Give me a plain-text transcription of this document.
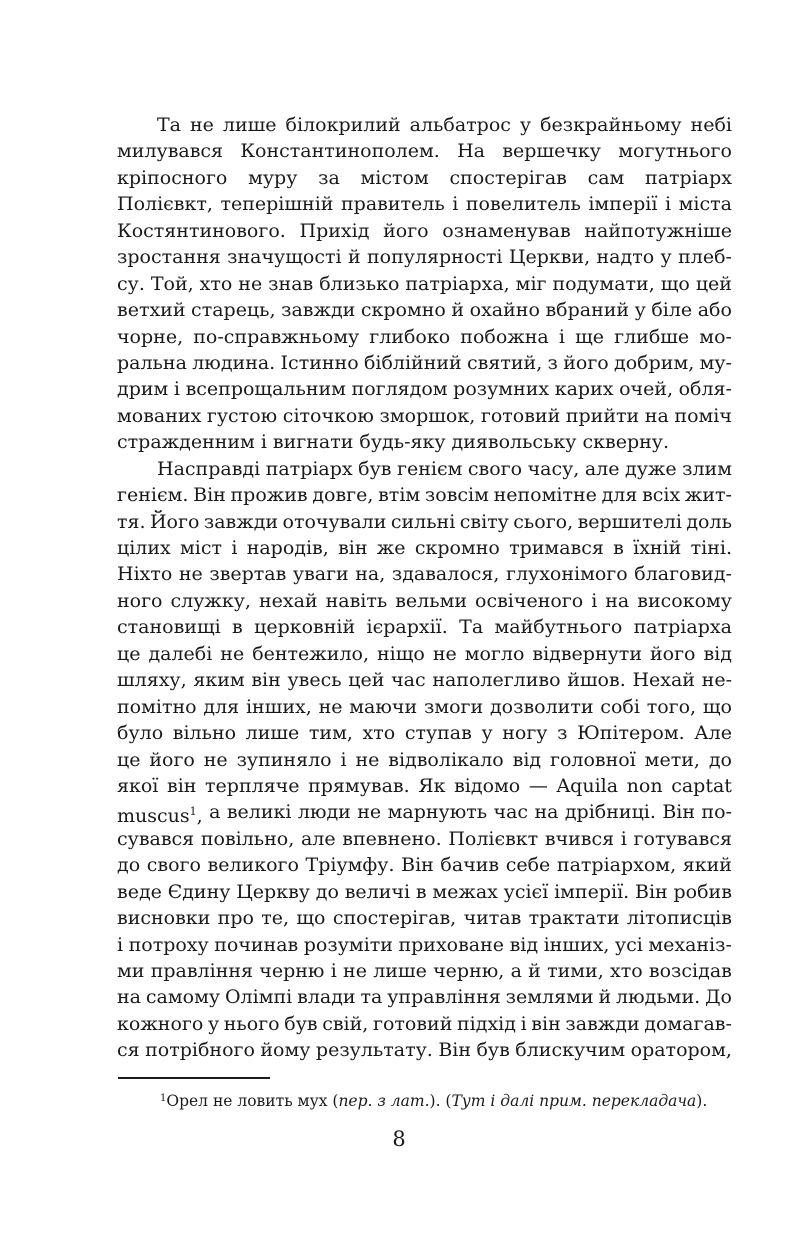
Та не лише білокрилий альбатрос у безкрайньому небі
милувався Константинополем. На вершечку могутнього
кріпосного муру за містом спостерігав сам патріарх
Полієвкт, теперішній правитель і повелитель імперії і міста
Костянтинового. Прихід його ознаменував найпотужніше
зростання значущості й популярності Церкви, надто у плеб-
су. Той, хто не знав близько патріарха, міг подумати, що цей
ветхий старець, завжди скромно й охайно вбраний у біле або
чорне, по-справжньому глибоко побожна і ще глибше мо-
ральна людина. Істинно біблійний святий, з його добрим, му-
дрим і всепрощальним поглядом розумних карих очей, обля-
мованих густою сіточкою зморшок, готовий прийти на поміч
стражденним і вигнати будь-яку диявольську скверну.
Насправді патріарх був генієм свого часу, але дуже злим
генієм. Він прожив довге, втім зовсім непомітне для всіх жит-
тя. Його завжди оточували сильні світу сього, вершителі доль
цілих міст і народів, він же скромно тримався в їхній тіні.
Ніхто не звертав уваги на, здавалося, глухонімого благовид-
ного служку, нехай навіть вельми освіченого і на високому
становищі в церковній ієрархії. Та майбутнього патріарха
це далебі не бентежило, ніщо не могло відвернути його від
шляху, яким він увесь цей час наполегливо йшов. Нехай не-
помітно для інших, не маючи змоги дозволити собі того, що
було вільно лише тим, хто ступав у ногу з Юпітером. Але
це його не зупиняло і не відволікало від головної мети, до
якої він терпляче прямував. Як відомо — Aquila non captat
muscus$^1$, а великі люди не марнують час на дрібниці. Він по-
сувався повільно, але впевнено. Полієвкт вчився і готувався
до свого великого Тріумфу. Він бачив себе патріархом, який
веде Єдину Церкву до величі в межах усієї імперії. Він робив
висновки про те, що спостерігав, читав трактати літописців
і потроху починав розуміти приховане від інших, усі механіз-
ми правління черню і не лише черню, а й тими, хто возсідав
на самому Олімпі влади та управління землями й людьми. До
кожного у нього був свій, готовий підхід і він завжди домагав-
ся потрібного йому результату. Він був блискучим оратором,
$^1$Орел не ловить мух (пер. з лат.). (Тут і далі прим. перекладача).
8
